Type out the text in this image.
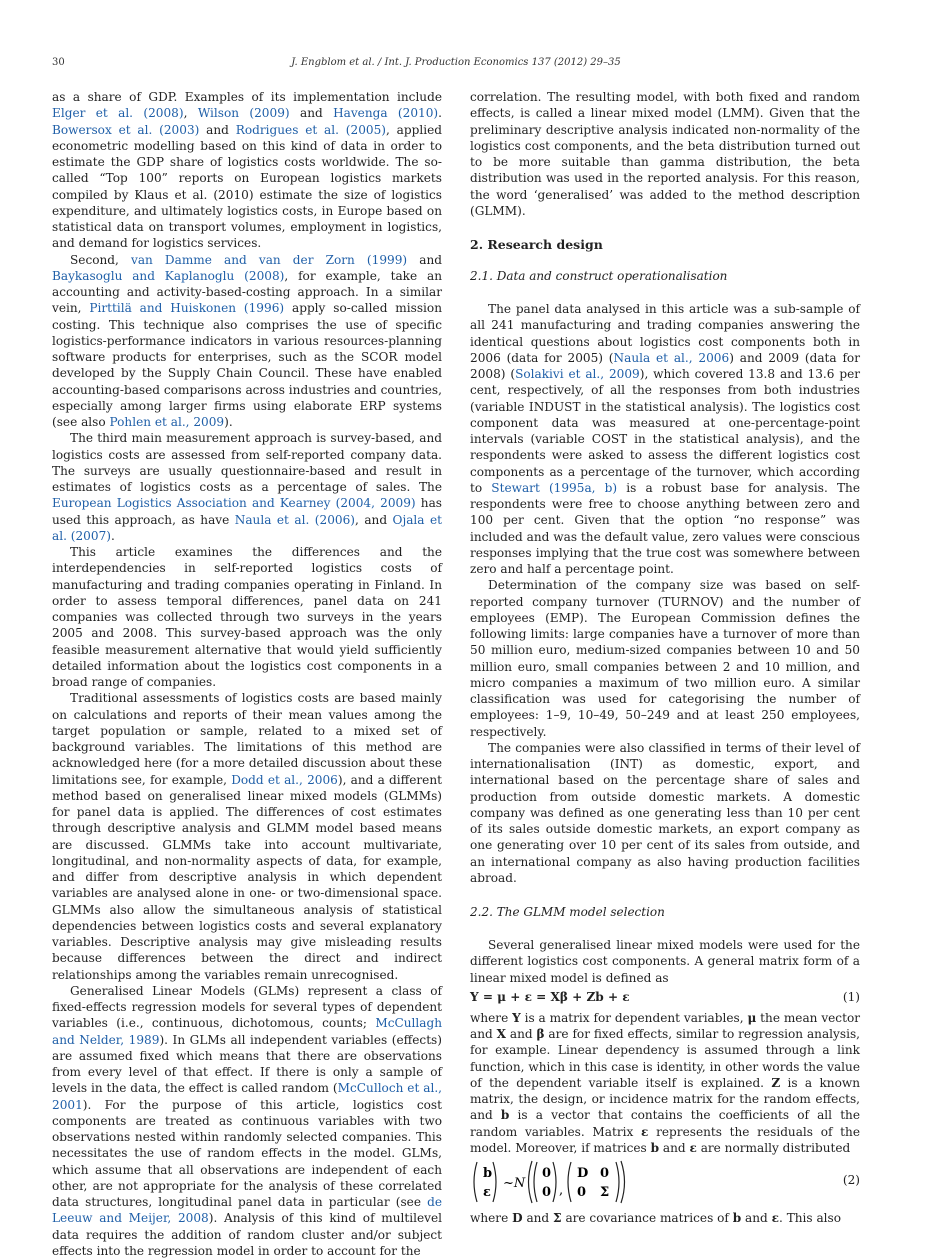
30	J. Engblom et al. / Int. J. Production Economics 137 (2012) 29–35

as a share of GDP. Examples of its implementation include Elger et al. (2008), Wilson (2009) and Havenga (2010). Bowersox et al. (2003) and Rodrigues et al. (2005), applied econometric modelling based on this kind of data in order to estimate the GDP share of logistics costs worldwide. The so-called “Top 100” reports on European logistics markets compiled by Klaus et al. (2010) estimate the size of logistics expenditure, and ultimately logistics costs, in Europe based on statistical data on transport volumes, employment in logistics, and demand for logistics services.

Second, van Damme and van der Zorn (1999) and Baykasoglu and Kaplanoglu (2008), for example, take an accounting and activity-based-costing approach. In a similar vein, Pirttilä and Huiskonen (1996) apply so-called mission costing. This technique also comprises the use of specific logistics-performance indicators in various resources-planning software products for enterprises, such as the SCOR model developed by the Supply Chain Council. These have enabled accounting-based comparisons across industries and countries, especially among larger firms using elaborate ERP systems (see also Pohlen et al., 2009).

The third main measurement approach is survey-based, and logistics costs are assessed from self-reported company data. The surveys are usually questionnaire-based and result in estimates of logistics costs as a percentage of sales. The European Logistics Association and Kearney (2004, 2009) has used this approach, as have Naula et al. (2006), and Ojala et al. (2007).

This article examines the differences and the interdependencies in self-reported logistics costs of manufacturing and trading companies operating in Finland. In order to assess temporal differences, panel data on 241 companies was collected through two surveys in the years 2005 and 2008. This survey-based approach was the only feasible measurement alternative that would yield sufficiently detailed information about the logistics cost components in a broad range of companies.

Traditional assessments of logistics costs are based mainly on calculations and reports of their mean values among the target population or sample, related to a mixed set of background variables. The limitations of this method are acknowledged here (for a more detailed discussion about these limitations see, for example, Dodd et al., 2006), and a different method based on generalised linear mixed models (GLMMs) for panel data is applied. The differences of cost estimates through descriptive analysis and GLMM model based means are discussed. GLMMs take into account multivariate, longitudinal, and non-normality aspects of data, for example, and differ from descriptive analysis in which dependent variables are analysed alone in one- or two-dimensional space. GLMMs also allow the simultaneous analysis of statistical dependencies between logistics costs and several explanatory variables. Descriptive analysis may give misleading results because differences between the direct and indirect relationships among the variables remain unrecognised.

Generalised Linear Models (GLMs) represent a class of fixed-effects regression models for several types of dependent variables (i.e., continuous, dichotomous, counts; McCullagh and Nelder, 1989). In GLMs all independent variables (effects) are assumed fixed which means that there are observations from every level of that effect. If there is only a sample of levels in the data, the effect is called random (McCulloch et al., 2001). For the purpose of this article, logistics cost components are treated as continuous variables with two observations nested within randomly selected companies. This necessitates the use of random effects in the model. GLMs, which assume that all observations are independent of each other, are not appropriate for the analysis of these correlated data structures, longitudinal panel data in particular (see de Leeuw and Meijer, 2008). Analysis of this kind of multilevel data requires the addition of random cluster and/or subject effects into the regression model in order to account for the

correlation. The resulting model, with both fixed and random effects, is called a linear mixed model (LMM). Given that the preliminary descriptive analysis indicated non-normality of the logistics cost components, and the beta distribution turned out to be more suitable than gamma distribution, the beta distribution was used in the reported analysis. For this reason, the word ‘generalised’ was added to the method description (GLMM).

2. Research design
2.1. Data and construct operationalisation

The panel data analysed in this article was a sub-sample of all 241 manufacturing and trading companies answering the identical questions about logistics cost components both in 2006 (data for 2005) (Naula et al., 2006) and 2009 (data for 2008) (Solakivi et al., 2009), which covered 13.8 and 13.6 per cent, respectively, of all the responses from both industries (variable INDUST in the statistical analysis). The logistics cost component data was measured at one-percentage-point intervals (variable COST in the statistical analysis), and the respondents were asked to assess the different logistics cost components as a percentage of the turnover, which according to Stewart (1995a, b) is a robust base for analysis. The respondents were free to choose anything between zero and 100 per cent. Given that the option “no response” was included and was the default value, zero values were conscious responses implying that the true cost was somewhere between zero and half a percentage point.

Determination of the company size was based on self-reported company turnover (TURNOV) and the number of employees (EMP). The European Commission defines the following limits: large companies have a turnover of more than 50 million euro, medium-sized companies between 10 and 50 million euro, small companies between 2 and 10 million, and micro companies a maximum of two million euro. A similar classification was used for categorising the number of employees: 1–9, 10–49, 50–249 and at least 250 employees, respectively.

The companies were also classified in terms of their level of internationalisation (INT) as domestic, export, and international based on the percentage share of sales and production from outside domestic markets. A domestic company was defined as one generating less than 10 per cent of its sales outside domestic markets, an export company as one generating over 10 per cent of its sales from outside, and an international company as also having production facilities abroad.

2.2. The GLMM model selection

Several generalised linear mixed models were used for the different logistics cost components. A general matrix form of a linear mixed model is defined as

Y = μ + ε = Xβ + Zb + ε	(1)

where Y is a matrix for dependent variables, μ the mean vector and X and β are for fixed effects, similar to regression analysis, for example. Linear dependency is assumed through a link function, which in this case is identity, in other words the value of the dependent variable itself is explained. Z is a known matrix, the design, or incidence matrix for the random effects, and b is a vector that contains the coefficients of all the random variables. Matrix ε represents the residuals of the model. Moreover, if matrices b and ε are normally distributed

b
ε
~N
0
0 ,
D 0
0 Σ
(2)

where D and Σ are covariance matrices of b and ε. This also
